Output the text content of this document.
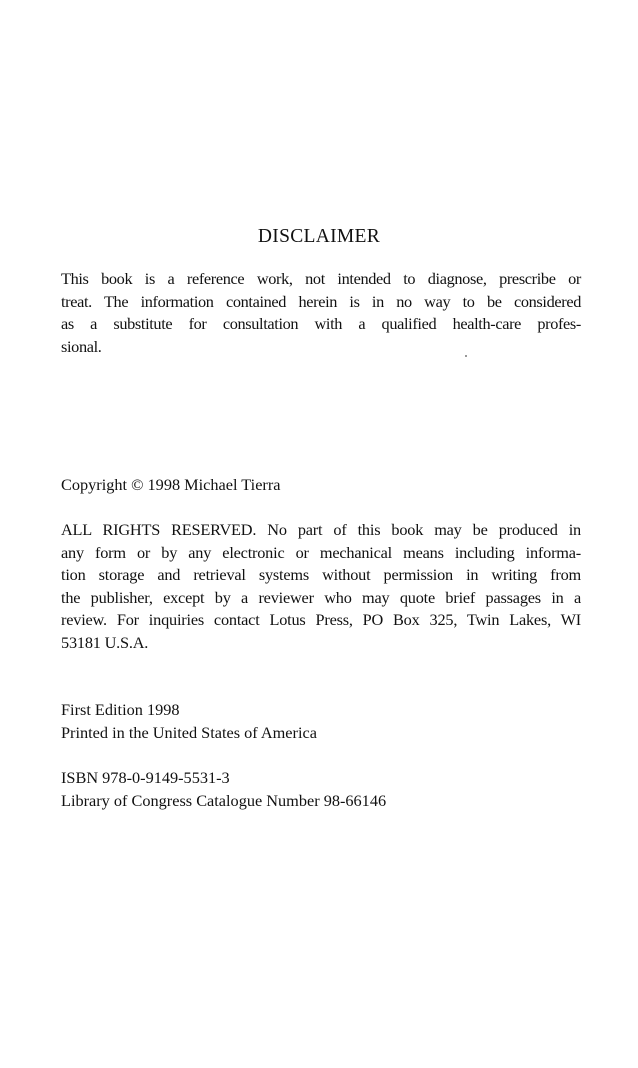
DISCLAIMER
This book is a reference work, not intended to diagnose, prescribe or
treat. The information contained herein is in no way to be considered
as a substitute for consultation with a qualified health-care profes-
sional.
Copyright © 1998 Michael Tierra
ALL RIGHTS RESERVED. No part of this book may be produced in
any form or by any electronic or mechanical means including informa-
tion storage and retrieval systems without permission in writing from
the publisher, except by a reviewer who may quote brief passages in a
review. For inquiries contact Lotus Press, PO Box 325, Twin Lakes, WI
53181 U.S.A.
First Edition 1998
Printed in the United States of America
ISBN 978-0-9149-5531-3
Library of Congress Catalogue Number 98-66146
